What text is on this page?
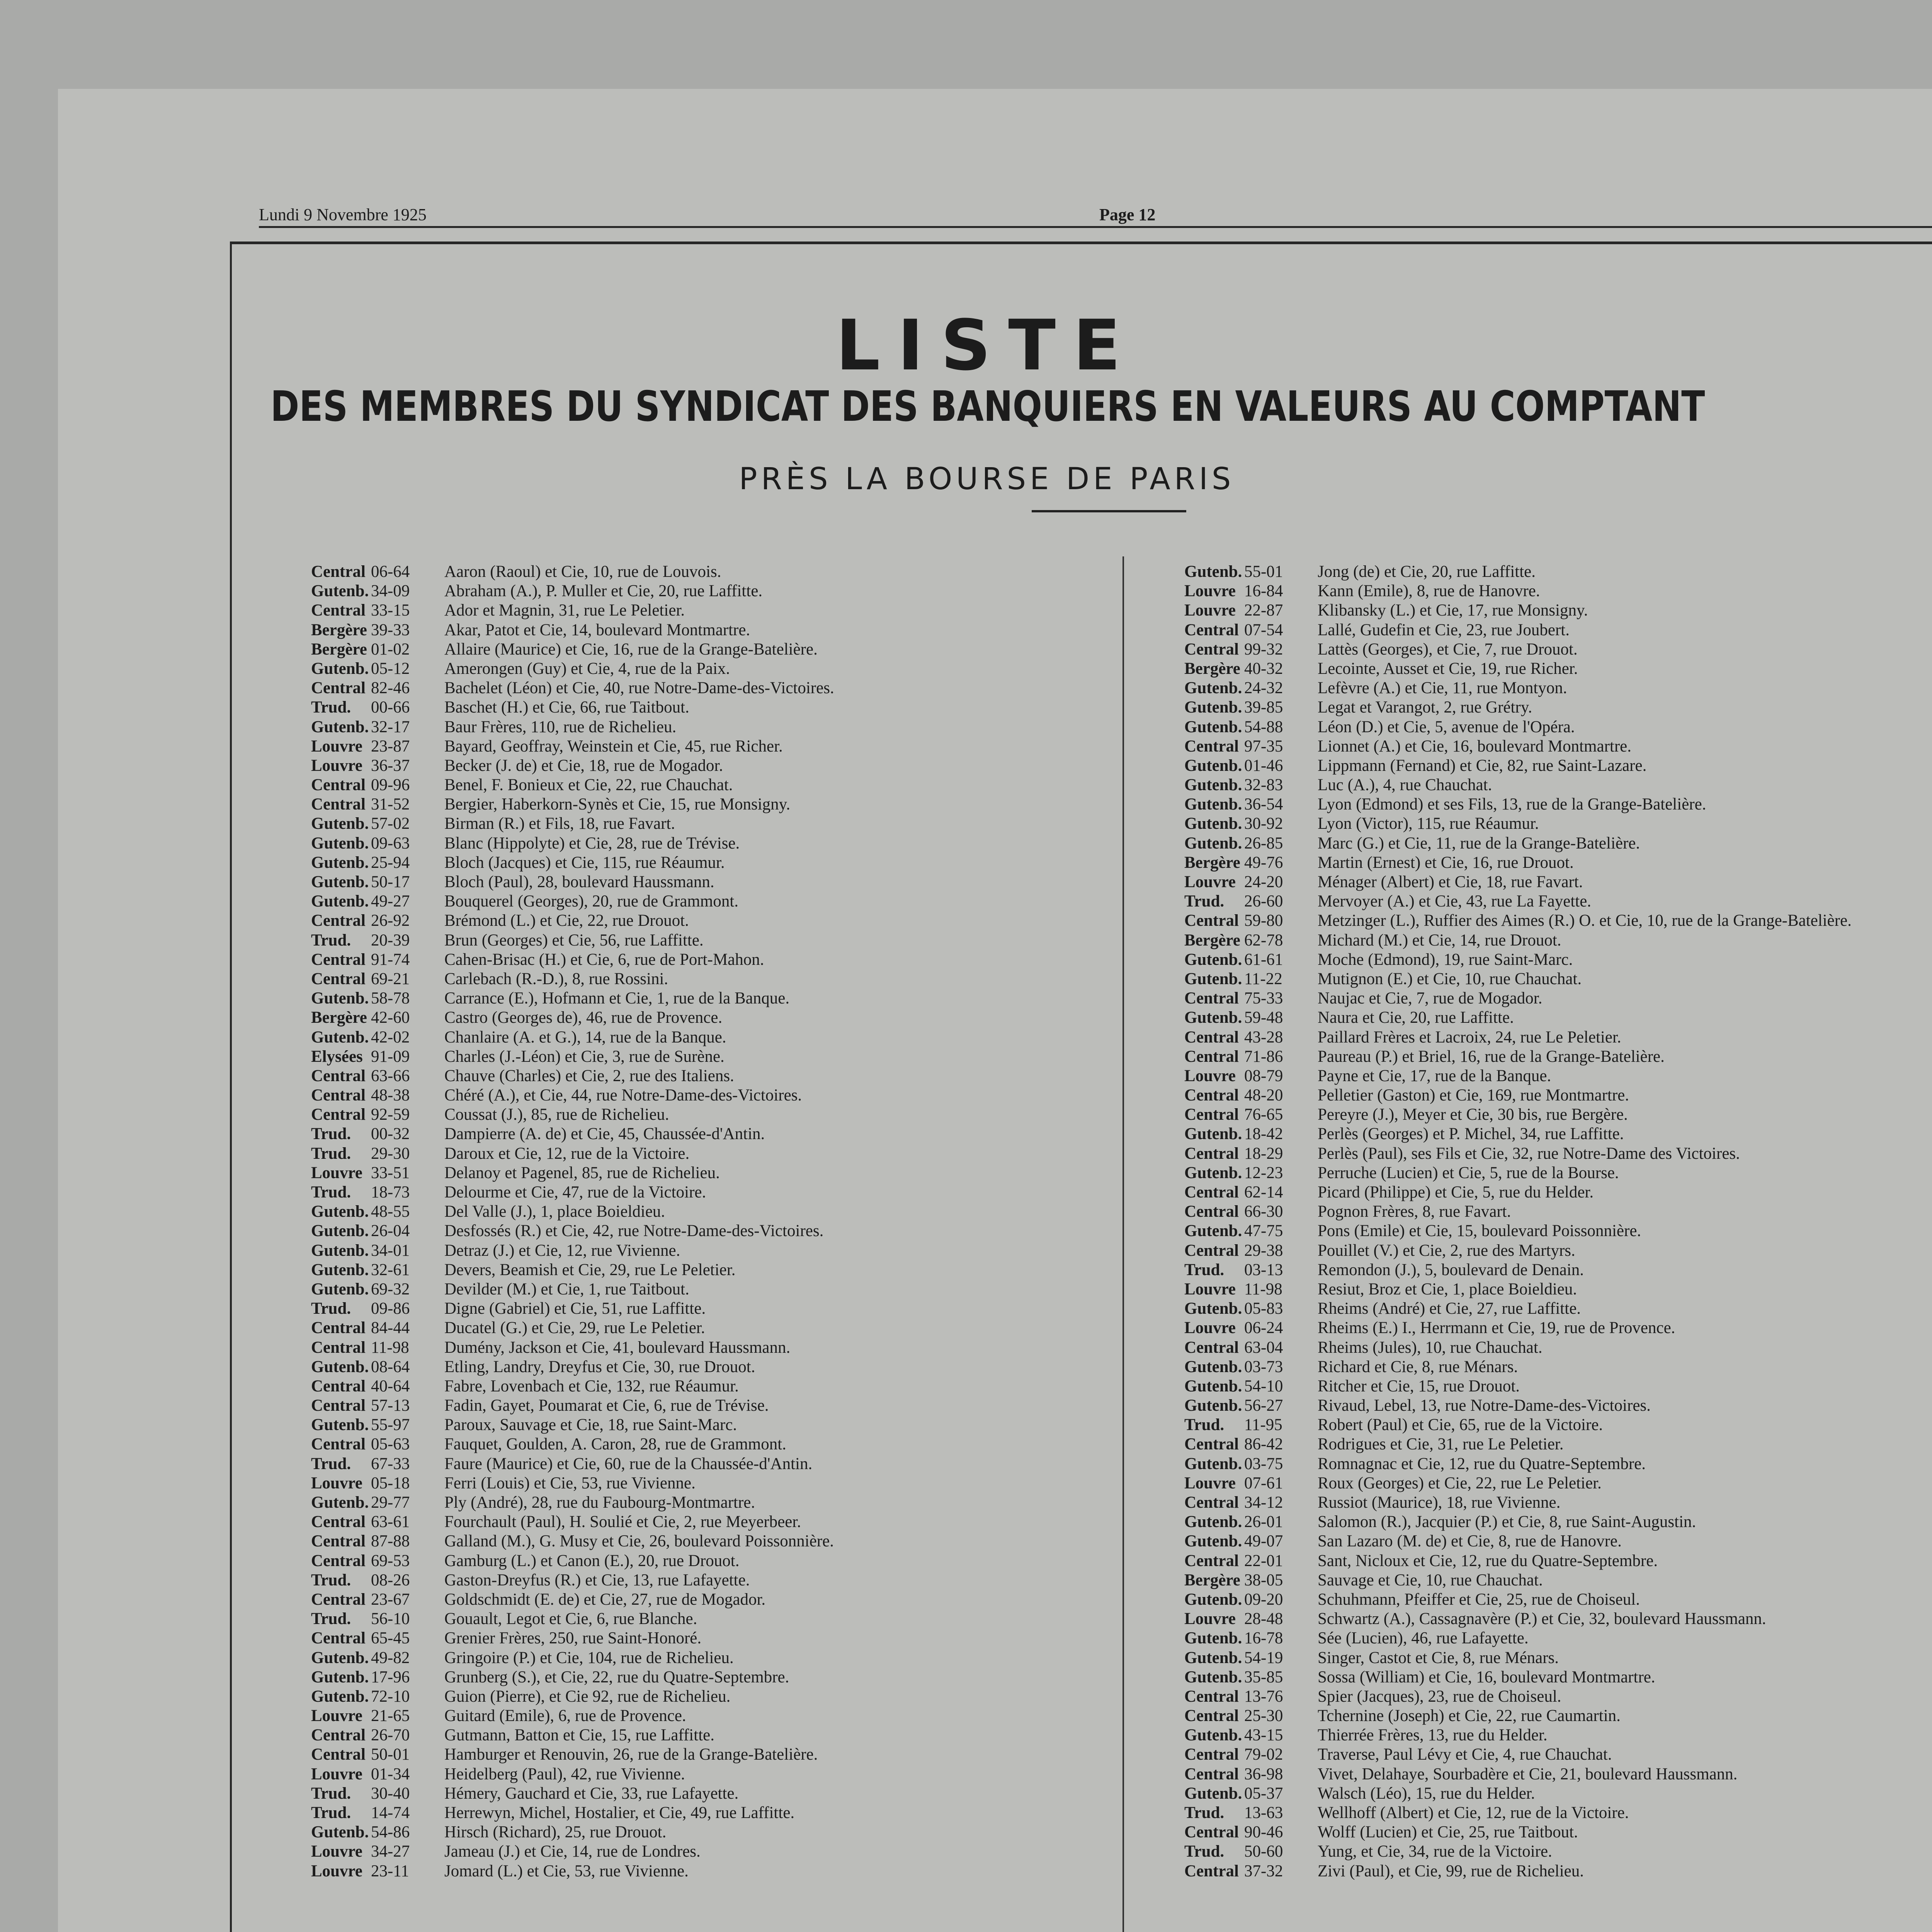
Lundi 9 Novembre 1925	Page 12
LISTE
DES MEMBRES DU SYNDICAT DES BANQUIERS EN VALEURS AU COMPTANT
PRÈS LA BOURSE DE PARIS
Central 06-64 Aaron (Raoul) et Cie, 10, rue de Louvois.
Gutenb. 34-09 Abraham (A.), P. Muller et Cie, 20, rue Laffitte.
Central 33-15 Ador et Magnin, 31, rue Le Peletier.
Bergère 39-33 Akar, Patot et Cie, 14, boulevard Montmartre.
Bergère 01-02 Allaire (Maurice) et Cie, 16, rue de la Grange-Batelière.
Gutenb. 05-12 Amerongen (Guy) et Cie, 4, rue de la Paix.
Central 82-46 Bachelet (Léon) et Cie, 40, rue Notre-Dame-des-Victoires.
Trud. 00-66 Baschet (H.) et Cie, 66, rue Taitbout.
Gutenb. 32-17 Baur Frères, 110, rue de Richelieu.
Louvre 23-87 Bayard, Geoffray, Weinstein et Cie, 45, rue Richer.
Louvre 36-37 Becker (J. de) et Cie, 18, rue de Mogador.
Central 09-96 Benel, F. Bonieux et Cie, 22, rue Chauchat.
Central 31-52 Bergier, Haberkorn-Synès et Cie, 15, rue Monsigny.
Gutenb. 57-02 Birman (R.) et Fils, 18, rue Favart.
Gutenb. 09-63 Blanc (Hippolyte) et Cie, 28, rue de Trévise.
Gutenb. 25-94 Bloch (Jacques) et Cie, 115, rue Réaumur.
Gutenb. 50-17 Bloch (Paul), 28, boulevard Haussmann.
Gutenb. 49-27 Bouquerel (Georges), 20, rue de Grammont.
Central 26-92 Brémond (L.) et Cie, 22, rue Drouot.
Trud. 20-39 Brun (Georges) et Cie, 56, rue Laffitte.
Central 91-74 Cahen-Brisac (H.) et Cie, 6, rue de Port-Mahon.
Central 69-21 Carlebach (R.-D.), 8, rue Rossini.
Gutenb. 58-78 Carrance (E.), Hofmann et Cie, 1, rue de la Banque.
Bergère 42-60 Castro (Georges de), 46, rue de Provence.
Gutenb. 42-02 Chanlaire (A. et G.), 14, rue de la Banque.
Elysées 91-09 Charles (J.-Léon) et Cie, 3, rue de Surène.
Central 63-66 Chauve (Charles) et Cie, 2, rue des Italiens.
Central 48-38 Chéré (A.), et Cie, 44, rue Notre-Dame-des-Victoires.
Central 92-59 Coussat (J.), 85, rue de Richelieu.
Trud. 00-32 Dampierre (A. de) et Cie, 45, Chaussée-d'Antin.
Trud. 29-30 Daroux et Cie, 12, rue de la Victoire.
Louvre 33-51 Delanoy et Pagenel, 85, rue de Richelieu.
Trud. 18-73 Delourme et Cie, 47, rue de la Victoire.
Gutenb. 48-55 Del Valle (J.), 1, place Boieldieu.
Gutenb. 26-04 Desfossés (R.) et Cie, 42, rue Notre-Dame-des-Victoires.
Gutenb. 34-01 Detraz (J.) et Cie, 12, rue Vivienne.
Gutenb. 32-61 Devers, Beamish et Cie, 29, rue Le Peletier.
Gutenb. 69-32 Devilder (M.) et Cie, 1, rue Taitbout.
Trud. 09-86 Digne (Gabriel) et Cie, 51, rue Laffitte.
Central 84-44 Ducatel (G.) et Cie, 29, rue Le Peletier.
Central 11-98 Dumény, Jackson et Cie, 41, boulevard Haussmann.
Gutenb. 08-64 Etling, Landry, Dreyfus et Cie, 30, rue Drouot.
Central 40-64 Fabre, Lovenbach et Cie, 132, rue Réaumur.
Central 57-13 Fadin, Gayet, Poumarat et Cie, 6, rue de Trévise.
Gutenb. 55-97 Paroux, Sauvage et Cie, 18, rue Saint-Marc.
Central 05-63 Fauquet, Goulden, A. Caron, 28, rue de Grammont.
Trud. 67-33 Faure (Maurice) et Cie, 60, rue de la Chaussée-d'Antin.
Louvre 05-18 Ferri (Louis) et Cie, 53, rue Vivienne.
Gutenb. 29-77 Ply (André), 28, rue du Faubourg-Montmartre.
Central 63-61 Fourchault (Paul), H. Soulié et Cie, 2, rue Meyerbeer.
Central 87-88 Galland (M.), G. Musy et Cie, 26, boulevard Poissonnière.
Central 69-53 Gamburg (L.) et Canon (E.), 20, rue Drouot.
Trud. 08-26 Gaston-Dreyfus (R.) et Cie, 13, rue Lafayette.
Central 23-67 Goldschmidt (E. de) et Cie, 27, rue de Mogador.
Trud. 56-10 Gouault, Legot et Cie, 6, rue Blanche.
Central 65-45 Grenier Frères, 250, rue Saint-Honoré.
Gutenb. 49-82 Gringoire (P.) et Cie, 104, rue de Richelieu.
Gutenb. 17-96 Grunberg (S.), et Cie, 22, rue du Quatre-Septembre.
Gutenb. 72-10 Guion (Pierre), et Cie 92, rue de Richelieu.
Louvre 21-65 Guitard (Emile), 6, rue de Provence.
Central 26-70 Gutmann, Batton et Cie, 15, rue Laffitte.
Central 50-01 Hamburger et Renouvin, 26, rue de la Grange-Batelière.
Louvre 01-34 Heidelberg (Paul), 42, rue Vivienne.
Trud. 30-40 Hémery, Gauchard et Cie, 33, rue Lafayette.
Trud. 14-74 Herrewyn, Michel, Hostalier, et Cie, 49, rue Laffitte.
Gutenb. 54-86 Hirsch (Richard), 25, rue Drouot.
Louvre 34-27 Jameau (J.) et Cie, 14, rue de Londres.
Louvre 23-11 Jomard (L.) et Cie, 53, rue Vivienne.
Gutenb. 55-01 Jong (de) et Cie, 20, rue Laffitte.
Louvre 16-84 Kann (Emile), 8, rue de Hanovre.
Louvre 22-87 Klibansky (L.) et Cie, 17, rue Monsigny.
Central 07-54 Lallé, Gudefin et Cie, 23, rue Joubert.
Central 99-32 Lattès (Georges), et Cie, 7, rue Drouot.
Bergère 40-32 Lecointe, Ausset et Cie, 19, rue Richer.
Gutenb. 24-32 Lefèvre (A.) et Cie, 11, rue Montyon.
Gutenb. 39-85 Legat et Varangot, 2, rue Grétry.
Gutenb. 54-88 Léon (D.) et Cie, 5, avenue de l'Opéra.
Central 97-35 Lionnet (A.) et Cie, 16, boulevard Montmartre.
Gutenb. 01-46 Lippmann (Fernand) et Cie, 82, rue Saint-Lazare.
Gutenb. 32-83 Luc (A.), 4, rue Chauchat.
Gutenb. 36-54 Lyon (Edmond) et ses Fils, 13, rue de la Grange-Batelière.
Gutenb. 30-92 Lyon (Victor), 115, rue Réaumur.
Gutenb. 26-85 Marc (G.) et Cie, 11, rue de la Grange-Batelière.
Bergère 49-76 Martin (Ernest) et Cie, 16, rue Drouot.
Louvre 24-20 Ménager (Albert) et Cie, 18, rue Favart.
Trud. 26-60 Mervoyer (A.) et Cie, 43, rue La Fayette.
Central 59-80 Metzinger (L.), Ruffier des Aimes (R.) O. et Cie, 10, rue de la Grange-Batelière.
Bergère 62-78 Michard (M.) et Cie, 14, rue Drouot.
Gutenb. 61-61 Moche (Edmond), 19, rue Saint-Marc.
Gutenb. 11-22 Mutignon (E.) et Cie, 10, rue Chauchat.
Central 75-33 Naujac et Cie, 7, rue de Mogador.
Gutenb. 59-48 Naura et Cie, 20, rue Laffitte.
Central 43-28 Paillard Frères et Lacroix, 24, rue Le Peletier.
Central 71-86 Paureau (P.) et Briel, 16, rue de la Grange-Batelière.
Louvre 08-79 Payne et Cie, 17, rue de la Banque.
Central 48-20 Pelletier (Gaston) et Cie, 169, rue Montmartre.
Central 76-65 Pereyre (J.), Meyer et Cie, 30 bis, rue Bergère.
Gutenb. 18-42 Perlès (Georges) et P. Michel, 34, rue Laffitte.
Central 18-29 Perlès (Paul), ses Fils et Cie, 32, rue Notre-Dame des Victoires.
Gutenb. 12-23 Perruche (Lucien) et Cie, 5, rue de la Bourse.
Central 62-14 Picard (Philippe) et Cie, 5, rue du Helder.
Central 66-30 Pognon Frères, 8, rue Favart.
Gutenb. 47-75 Pons (Emile) et Cie, 15, boulevard Poissonnière.
Central 29-38 Pouillet (V.) et Cie, 2, rue des Martyrs.
Trud. 03-13 Remondon (J.), 5, boulevard de Denain.
Louvre 11-98 Resiut, Broz et Cie, 1, place Boieldieu.
Gutenb. 05-83 Rheims (André) et Cie, 27, rue Laffitte.
Louvre 06-24 Rheims (E.) I., Herrmann et Cie, 19, rue de Provence.
Central 63-04 Rheims (Jules), 10, rue Chauchat.
Gutenb. 03-73 Richard et Cie, 8, rue Ménars.
Gutenb. 54-10 Ritcher et Cie, 15, rue Drouot.
Gutenb. 56-27 Rivaud, Lebel, 13, rue Notre-Dame-des-Victoires.
Trud. 11-95 Robert (Paul) et Cie, 65, rue de la Victoire.
Central 86-42 Rodrigues et Cie, 31, rue Le Peletier.
Gutenb. 03-75 Romnagnac et Cie, 12, rue du Quatre-Septembre.
Louvre 07-61 Roux (Georges) et Cie, 22, rue Le Peletier.
Central 34-12 Russiot (Maurice), 18, rue Vivienne.
Gutenb. 26-01 Salomon (R.), Jacquier (P.) et Cie, 8, rue Saint-Augustin.
Gutenb. 49-07 San Lazaro (M. de) et Cie, 8, rue de Hanovre.
Central 22-01 Sant, Nicloux et Cie, 12, rue du Quatre-Septembre.
Bergère 38-05 Sauvage et Cie, 10, rue Chauchat.
Gutenb. 09-20 Schuhmann, Pfeiffer et Cie, 25, rue de Choiseul.
Louvre 28-48 Schwartz (A.), Cassagnavère (P.) et Cie, 32, boulevard Haussmann.
Gutenb. 16-78 Sée (Lucien), 46, rue Lafayette.
Gutenb. 54-19 Singer, Castot et Cie, 8, rue Ménars.
Gutenb. 35-85 Sossa (William) et Cie, 16, boulevard Montmartre.
Central 13-76 Spier (Jacques), 23, rue de Choiseul.
Central 25-30 Tchernine (Joseph) et Cie, 22, rue Caumartin.
Gutenb. 43-15 Thierrée Frères, 13, rue du Helder.
Central 79-02 Traverse, Paul Lévy et Cie, 4, rue Chauchat.
Central 36-98 Vivet, Delahaye, Sourbadère et Cie, 21, boulevard Haussmann.
Gutenb. 05-37 Walsch (Léo), 15, rue du Helder.
Trud. 13-63 Wellhoff (Albert) et Cie, 12, rue de la Victoire.
Central 90-46 Wolff (Lucien) et Cie, 25, rue Taitbout.
Trud. 50-60 Yung, et Cie, 34, rue de la Victoire.
Central 37-32 Zivi (Paul), et Cie, 99, rue de Richelieu.
